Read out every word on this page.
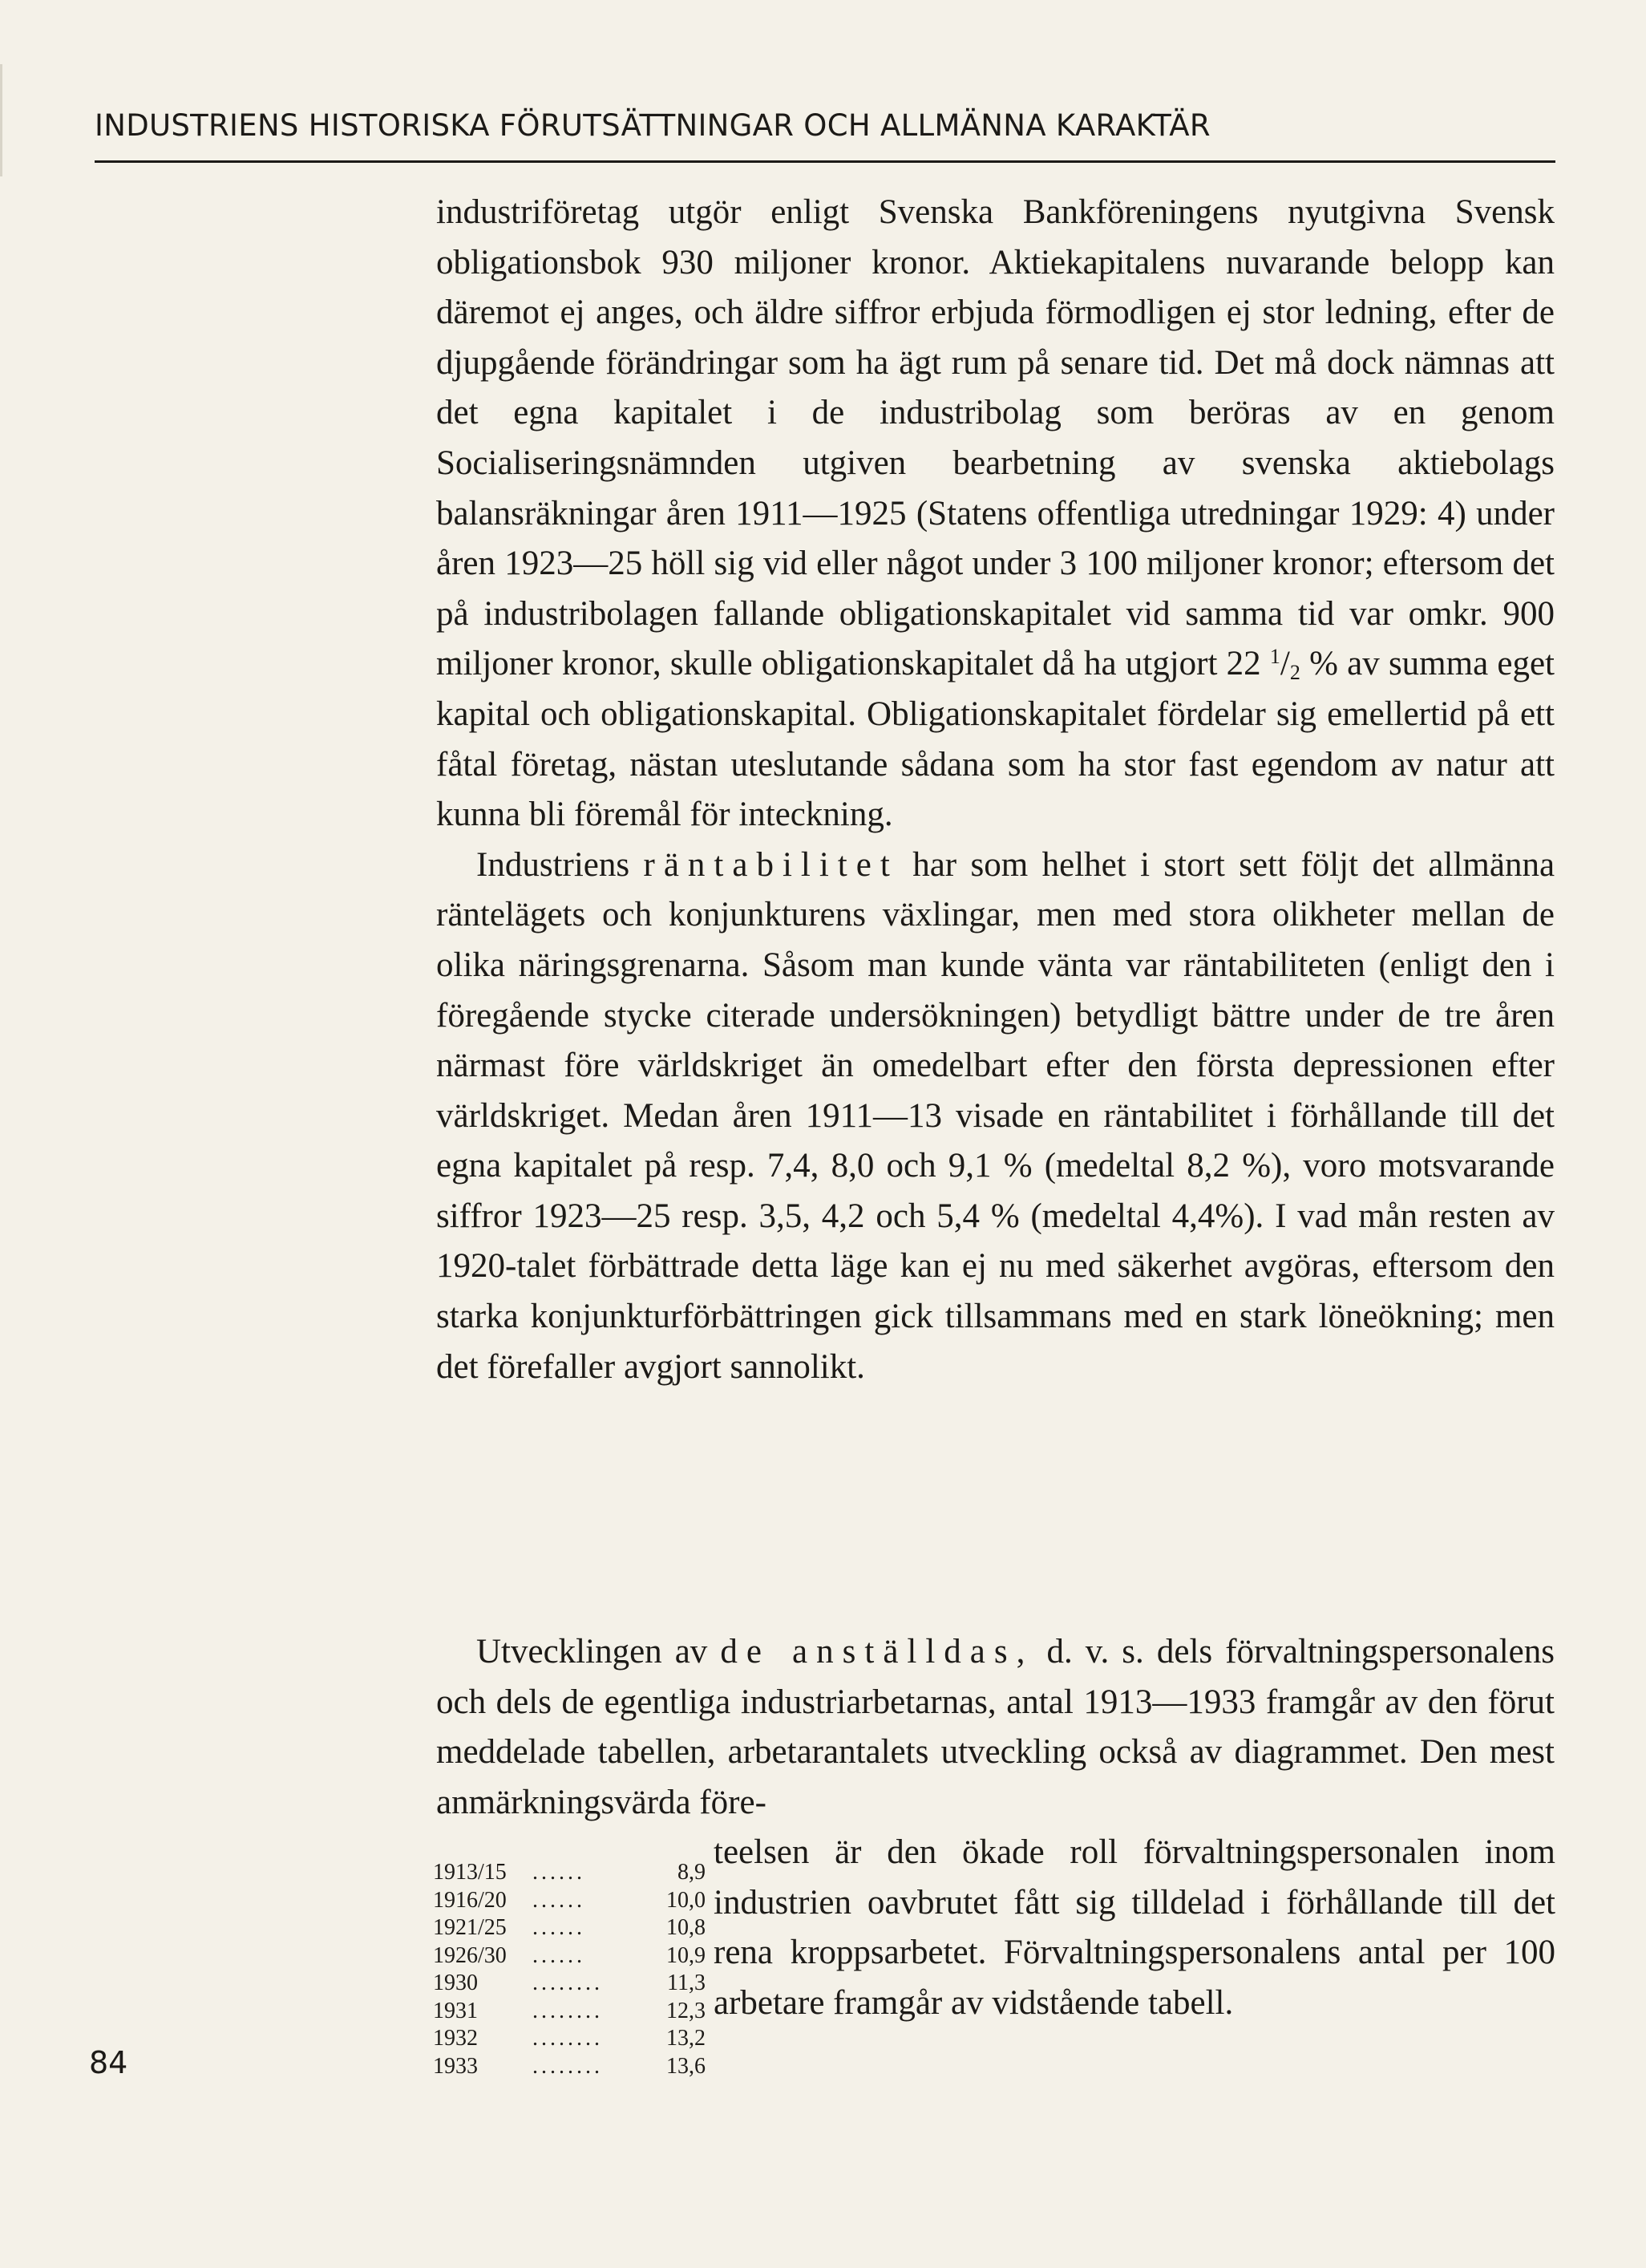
INDUSTRIENS HISTORISKA FÖRUTSÄTTNINGAR OCH ALLMÄNNA KARAKTÄR

industriföretag utgör enligt Svenska Bankföreningens nyutgivna Svensk obligationsbok 930 miljoner kronor. Aktiekapitalens nuvarande belopp kan däremot ej anges, och äldre siffror erbjuda förmodligen ej stor ledning, efter de djupgående förändringar som ha ägt rum på senare tid. Det må dock nämnas att det egna kapitalet i de industribolag som beröras av en genom Socialiseringsnämnden utgiven bearbetning av svenska aktiebolags balansräkningar åren 1911—1925 (Statens offentliga utredningar 1929: 4) under åren 1923—25 höll sig vid eller något under 3 100 miljoner kronor; eftersom det på industribolagen fallande obligationskapitalet vid samma tid var omkr. 900 miljoner kronor, skulle obligationskapitalet då ha utgjort 22 $^1/_2$ % av summa eget kapital och obligationskapital. Obligationskapitalet fördelar sig emellertid på ett fåtal företag, nästan uteslutande sådana som ha stor fast egendom av natur att kunna bli föremål för inteckning.

Industriens räntabilitet har som helhet i stort sett följt det allmänna räntelägets och konjunkturens växlingar, men med stora olikheter mellan de olika näringsgrenarna. Såsom man kunde vänta var räntabiliteten (enligt den i föregående stycke citerade undersökningen) betydligt bättre under de tre åren närmast före världskriget än omedelbart efter den första depressionen efter världskriget. Medan åren 1911—13 visade en räntabilitet i förhållande till det egna kapitalet på resp. 7,4, 8,0 och 9,1 % (medeltal 8,2 %), voro motsvarande siffror 1923—25 resp. 3,5, 4,2 och 5,4 % (medeltal 4,4%). I vad mån resten av 1920-talet förbättrade detta läge kan ej nu med säkerhet avgöras, eftersom den starka konjunkturförbättringen gick tillsammans med en stark löneökning; men det förefaller avgjort sannolikt.

Utvecklingen av de anställdas, d. v. s. dels förvaltningspersonalens och dels de egentliga industriarbetarnas, antal 1913—1933 framgår av den förut meddelade tabellen, arbetarantalets utveckling också av diagrammet. Den mest anmärkningsvärda före-

1913/15	......	8,9
1916/20	......	10,0
1921/25	......	10,8
1926/30	......	10,9
1930	........	11,3
1931	........	12,3
1932	........	13,2
1933	........	13,6

teelsen är den ökade roll förvaltningspersonalen inom industrien oavbrutet fått sig tilldelad i förhållande till det rena kroppsarbetet. Förvaltningspersonalens antal per 100 arbetare framgår av vidstående tabell.

84
